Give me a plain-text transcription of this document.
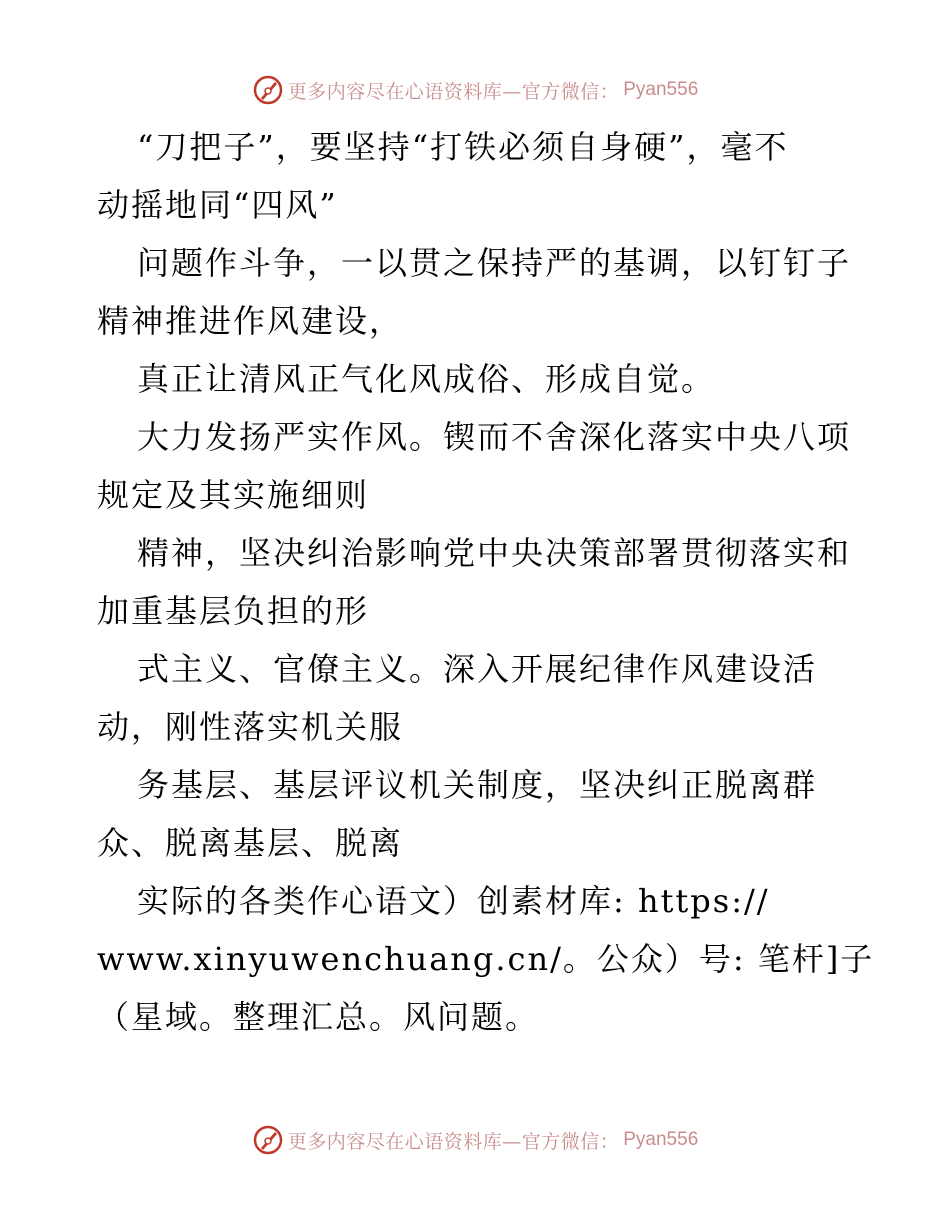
更多内容尽在心语资料库—官方微信： Pyan556

“刀把子”，要坚持“打铁必须自身硬”，毫不

动摇地同“四风”

问题作斗争，一以贯之保持严的基调，以钉钉子

精神推进作风建设，

真正让清风正气化风成俗、形成自觉。

大力发扬严实作风。锲而不舍深化落实中央八项

规定及其实施细则

精神，坚决纠治影响党中央决策部署贯彻落实和

加重基层负担的形

式主义、官僚主义。深入开展纪律作风建设活

动，刚性落实机关服

务基层、基层评议机关制度，坚决纠正脱离群

众、脱离基层、脱离

实际的各类作心语文）创素材库: https://

www.xinyuwenchuang.cn/。公众）号: 笔杆]子

（星域。整理汇总。风问题。

更多内容尽在心语资料库—官方微信： Pyan556
